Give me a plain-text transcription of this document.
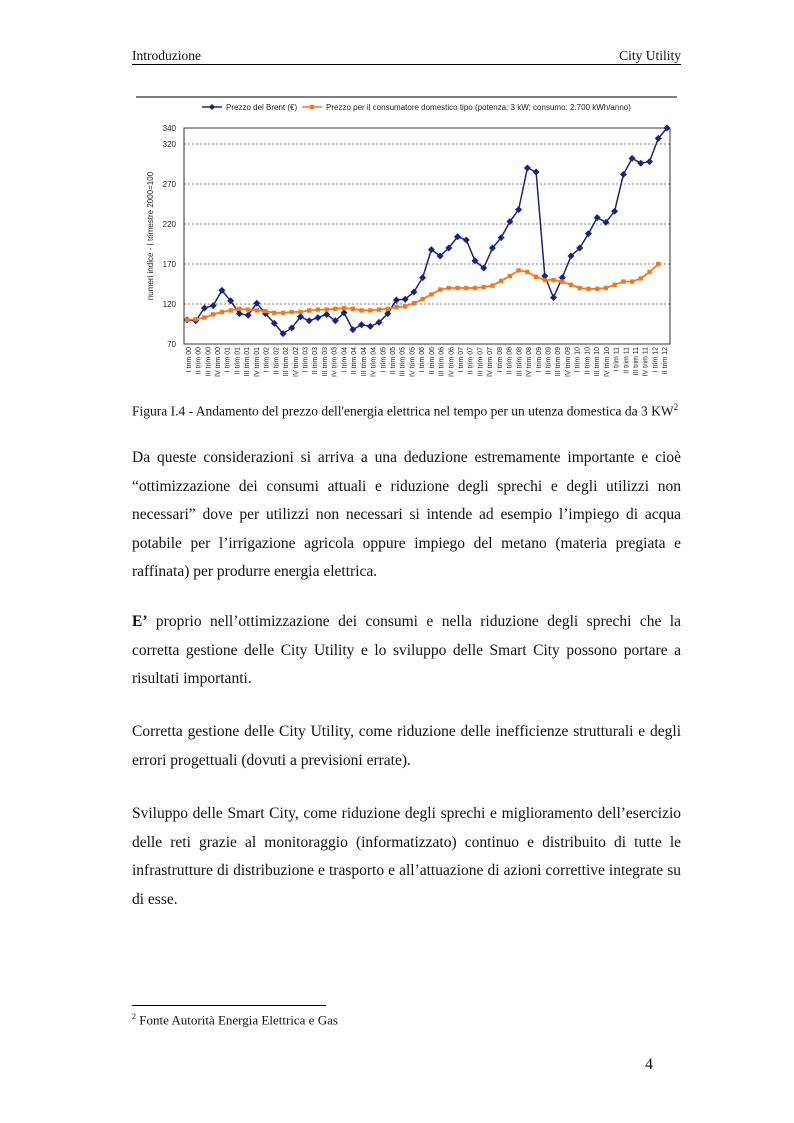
Introduzione	City Utility
70
120
170
220
270
320
340
numeri indice - I trimestre 2000=100
I trim 00 II trim 00 III trim 00 IV trim 00 I trim 01 II trim 01 III trim 01 IV trim 01 I trim 02 II trim 02 III trim 02 IV trim 02 I trim 03 II trim 03 III trim 03 IV trim 03 I trim 04 II trim 04 III trim 04 IV trim 04 I trim 05 II trim 05 III trim 05 IV trim 05 I trim 06 II trim 06 III trim 06 IV trim 06 I trim 07 II trim 07 III trim 07 IV trim 07 I trim 08 II trim 08 III trim 08 IV trim 08 I trim 09 II trim 09 III trim 09 IV trim 09 I trim 10 II trim 10 III trim 10 IV trim 10 I trim 11 II trim 11 III trim 11 IV trim 11 I trim 12 II trim 12
Prezzo del Brent (€)	Prezzo per il consumatore domestico tipo (potenza: 3 kW; consumo: 2.700 kWh/anno)
Figura I.4 - Andamento del prezzo dell'energia elettrica nel tempo per un utenza domestica da 3 $KW^2$

Da queste considerazioni si arriva a una deduzione estremamente importante e cioè “ottimizzazione dei consumi attuali e riduzione degli sprechi e degli utilizzi non necessari” dove per utilizzi non necessari si intende ad esempio l’impiego di acqua potabile per l’irrigazione agricola oppure impiego del metano (materia pregiata e raffinata) per produrre energia elettrica.

E’ proprio nell’ottimizzazione dei consumi e nella riduzione degli sprechi che la corretta gestione delle City Utility e lo sviluppo delle Smart City possono portare a risultati importanti.

Corretta gestione delle City Utility, come riduzione delle inefficienze strutturali e degli errori progettuali (dovuti a previsioni errate).

Sviluppo delle Smart City, come riduzione degli sprechi e miglioramento dell’esercizio delle reti grazie al monitoraggio (informatizzato) continuo e distribuito di tutte le infrastrutture di distribuzione e trasporto e all’attuazione di azioni correttive integrate su di esse.

$^2$ Fonte Autorità Energia Elettrica e Gas
4
